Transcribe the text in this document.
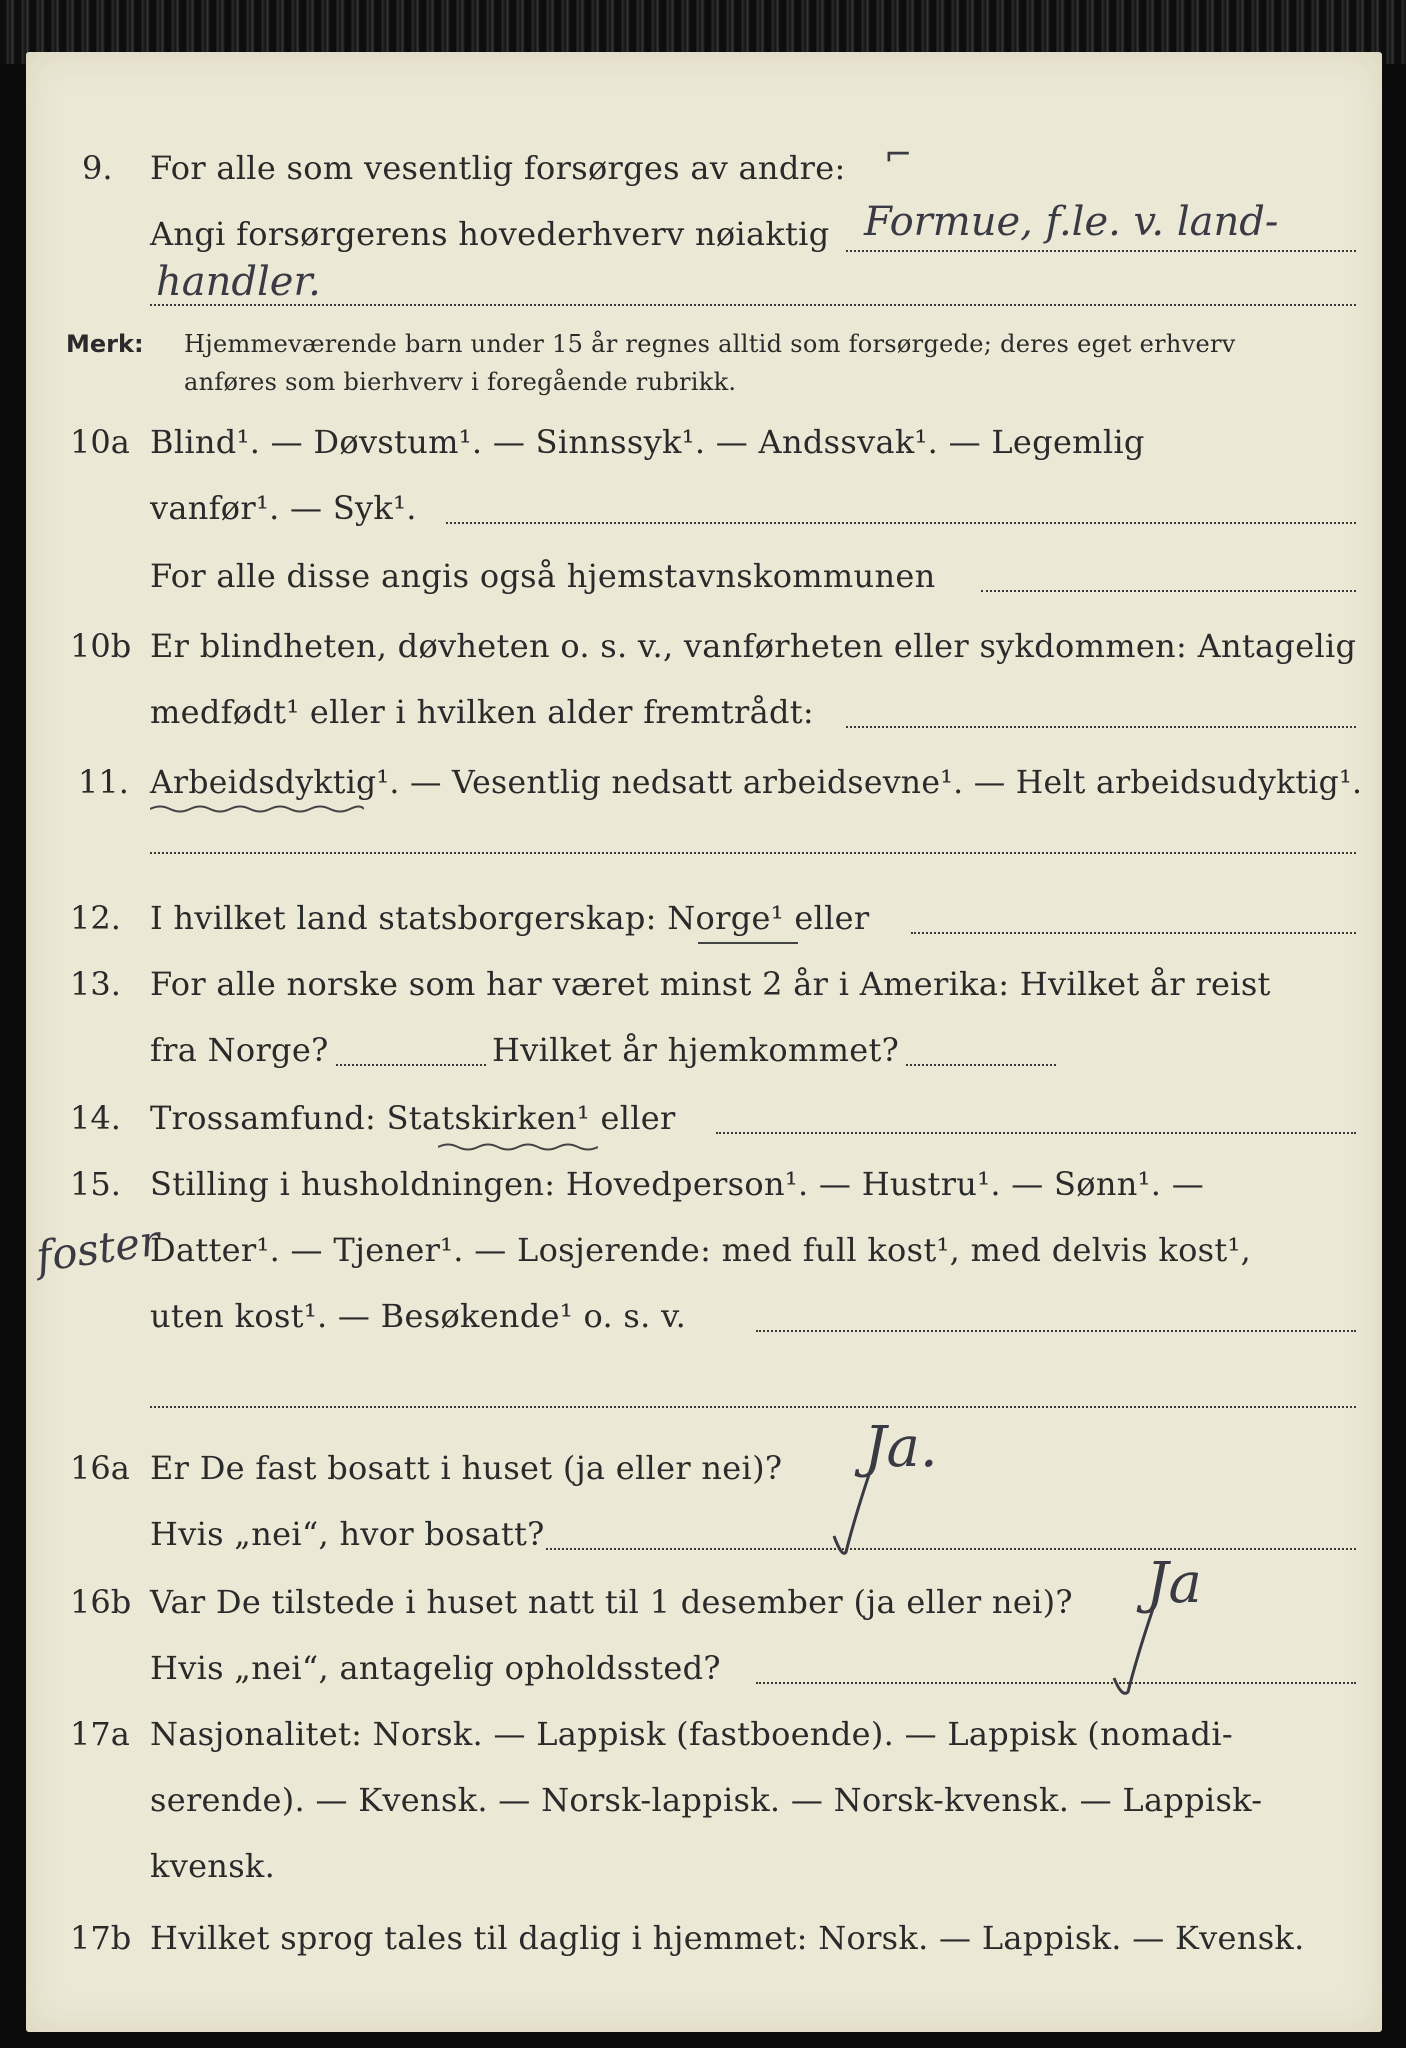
9. For alle som vesentlig forsørges av andre: ⌐
Angi forsørgerens hovederhverv nøiaktig Formue, f.le. v. land-
handler.
Merk: Hjemmeværende barn under 15 år regnes alltid som forsørgede; deres eget erhverv
anføres som bierhverv i foregående rubrikk.
10a Blind¹. — Døvstum¹. — Sinnssyk¹. — Andssvak¹. — Legemlig
vanfør¹. — Syk¹.
For alle disse angis også hjemstavnskommunen
10b Er blindheten, døvheten o. s. v., vanførheten eller sykdommen: Antagelig
medfødt¹ eller i hvilken alder fremtrådt:
11. Arbeidsdyktig¹. — Vesentlig nedsatt arbeidsevne¹. — Helt arbeidsudyktig¹.
12. I hvilket land statsborgerskap: Norge¹ eller
13. For alle norske som har været minst 2 år i Amerika: Hvilket år reist
fra Norge?	Hvilket år hjemkommet?
14. Trossamfund: Statskirken¹ eller
15. Stilling i husholdningen: Hovedperson¹. — Hustru¹. — Sønn¹. —
foster
Datter¹. — Tjener¹. — Losjerende: med full kost¹, med delvis kost¹,
uten kost¹. — Besøkende¹ o. s. v.
16a Er De fast bosatt i huset (ja eller nei)? Ja.
Hvis „nei“, hvor bosatt?
16b Var De tilstede i huset natt til 1 desember (ja eller nei)? Ja
Hvis „nei“, antagelig opholdssted?
17a Nasjonalitet: Norsk. — Lappisk (fastboende). — Lappisk (nomadi-
serende). — Kvensk. — Norsk-lappisk. — Norsk-kvensk. — Lappisk-
kvensk.
17b Hvilket sprog tales til daglig i hjemmet: Norsk. — Lappisk. — Kvensk.
